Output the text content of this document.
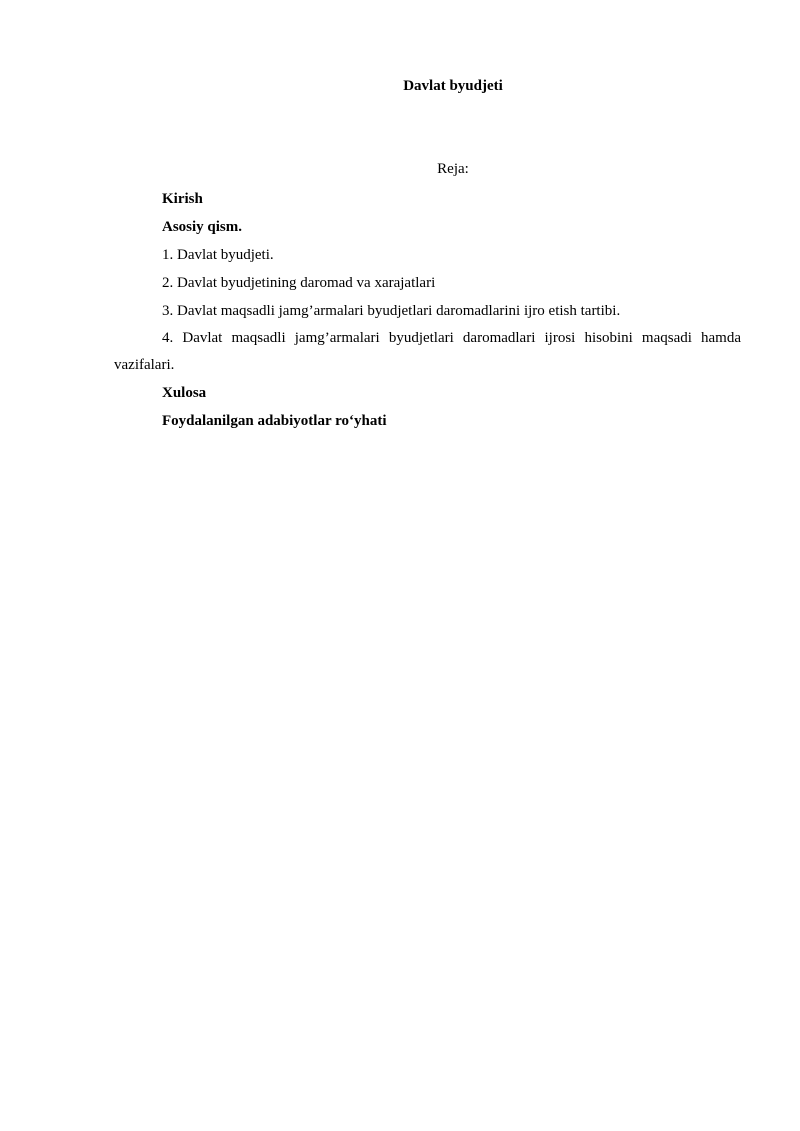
Davlat byudjeti

Reja:

Kirish
Asosiy qism.
1. Davlat byudjeti.
2. Davlat byudjetining daromad va xarajatlari
3. Davlat maqsadli jamg’armalari byudjetlari daromadlarini ijro etish tartibi.
4. Davlat maqsadli jamg’armalari byudjetlari daromadlari ijrosi hisobini maqsadi hamda vazifalari.
Xulosa
Foydalanilgan adabiyotlar ro‘yhati
